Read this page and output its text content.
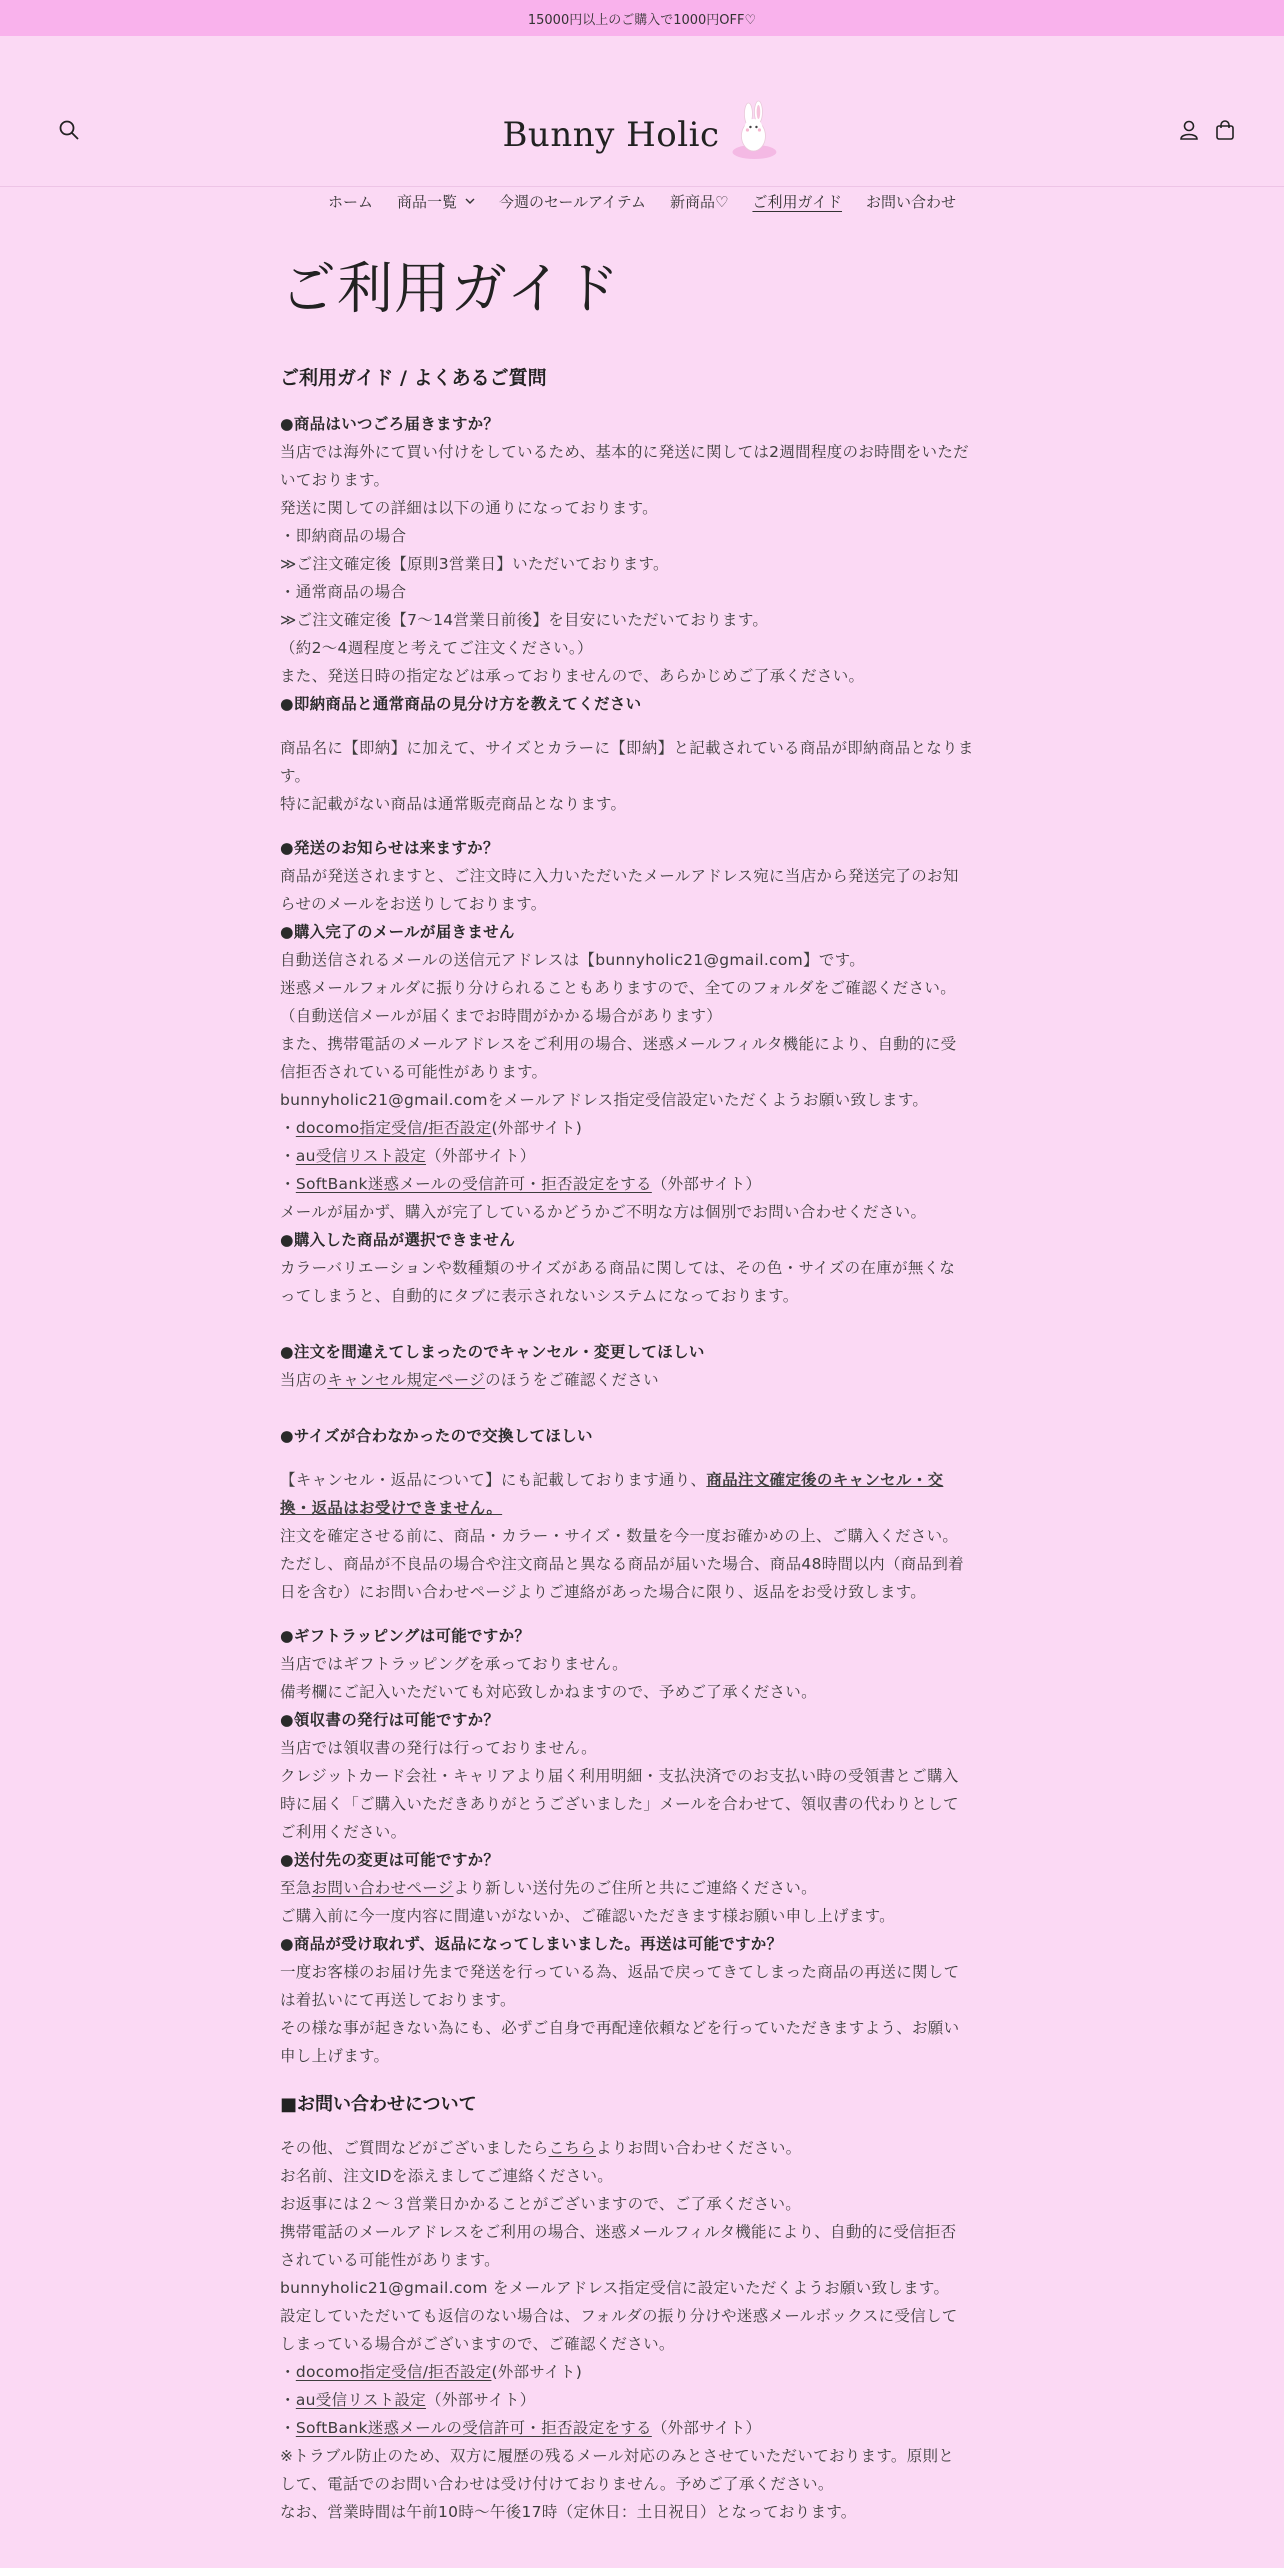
15000円以上のご購入で1000円OFF♡
Bunny Holic
ホーム 商品一覧	今週のセールアイテム 新商品♡ ご利用ガイド お問い合わせ
ご利用ガイド
ご利用ガイド / よくあるご質問

●商品はいつごろ届きますか？

当店では海外にて買い付けをしているため、基本的に発送に関しては2週間程度のお時間をいただ

いております。

発送に関しての詳細は以下の通りになっております。

・即納商品の場合

≫ご注文確定後【原則3営業日】いただいております。

・通常商品の場合

≫ご注文確定後【7～14営業日前後】を目安にいただいております。

（約2～4週程度と考えてご注文ください。）

また、発送日時の指定などは承っておりませんので、あらかじめご了承ください。

●即納商品と通常商品の見分け方を教えてください

商品名に【即納】に加えて、サイズとカラーに【即納】と記載されている商品が即納商品となりま

す。

特に記載がない商品は通常販売商品となります。

●発送のお知らせは来ますか？

商品が発送されますと、ご注文時に入力いただいたメールアドレス宛に当店から発送完了のお知

らせのメールをお送りしております。

●購入完了のメールが届きません

自動送信されるメールの送信元アドレスは【bunnyholic21@gmail.com】です。

迷惑メールフォルダに振り分けられることもありますので、全てのフォルダをご確認ください。

（自動送信メールが届くまでお時間がかかる場合があります）

また、携帯電話のメールアドレスをご利用の場合、迷惑メールフィルタ機能により、自動的に受

信拒否されている可能性があります。

bunnyholic21@gmail.comをメールアドレス指定受信設定いただくようお願い致します。

・docomo指定受信/拒否設定(外部サイト)

・au受信リスト設定（外部サイト）

・SoftBank迷惑メールの受信許可・拒否設定をする（外部サイト）

メールが届かず、購入が完了しているかどうかご不明な方は個別でお問い合わせください。

●購入した商品が選択できません

カラーバリエーションや数種類のサイズがある商品に関しては、その色・サイズの在庫が無くな

ってしまうと、自動的にタブに表示されないシステムになっております。

●注文を間違えてしまったのでキャンセル・変更してほしい

当店のキャンセル規定ページのほうをご確認ください

●サイズが合わなかったので交換してほしい

【キャンセル・返品について】にも記載しております通り、商品注文確定後のキャンセル・交

換・返品はお受けできません。

注文を確定させる前に、商品・カラー・サイズ・数量を今一度お確かめの上、ご購入ください。

ただし、商品が不良品の場合や注文商品と異なる商品が届いた場合、商品48時間以内（商品到着

日を含む）にお問い合わせページよりご連絡があった場合に限り、返品をお受け致します。

●ギフトラッピングは可能ですか？

当店ではギフトラッピングを承っておりません。

備考欄にご記入いただいても対応致しかねますので、予めご了承ください。

●領収書の発行は可能ですか？

当店では領収書の発行は行っておりません。

クレジットカード会社・キャリアより届く利用明細・支払決済でのお支払い時の受領書とご購入

時に届く「ご購入いただきありがとうございました」メールを合わせて、領収書の代わりとして

ご利用ください。

●送付先の変更は可能ですか？

至急お問い合わせページより新しい送付先のご住所と共にご連絡ください。

ご購入前に今一度内容に間違いがないか、ご確認いただきます様お願い申し上げます。

●商品が受け取れず、返品になってしまいました。再送は可能ですか？

一度お客様のお届け先まで発送を行っている為、返品で戻ってきてしまった商品の再送に関して

は着払いにて再送しております。

その様な事が起きない為にも、必ずご自身で再配達依頼などを行っていただきますよう、お願い

申し上げます。

■お問い合わせについて

その他、ご質問などがございましたらこちらよりお問い合わせください。

お名前、注文IDを添えましてご連絡ください。

お返事には２～３営業日かかることがございますので、ご了承ください。

携帯電話のメールアドレスをご利用の場合、迷惑メールフィルタ機能により、自動的に受信拒否

されている可能性があります。

bunnyholic21@gmail.com をメールアドレス指定受信に設定いただくようお願い致します。

設定していただいても返信のない場合は、フォルダの振り分けや迷惑メールボックスに受信して

しまっている場合がございますので、ご確認ください。

・docomo指定受信/拒否設定(外部サイト)

・au受信リスト設定（外部サイト）

・SoftBank迷惑メールの受信許可・拒否設定をする（外部サイト）

※トラブル防止のため、双方に履歴の残るメール対応のみとさせていただいております。原則と

して、電話でのお問い合わせは受け付けておりません。予めご了承ください。

なお、営業時間は午前10時～午後17時（定休日：土日祝日）となっております。
